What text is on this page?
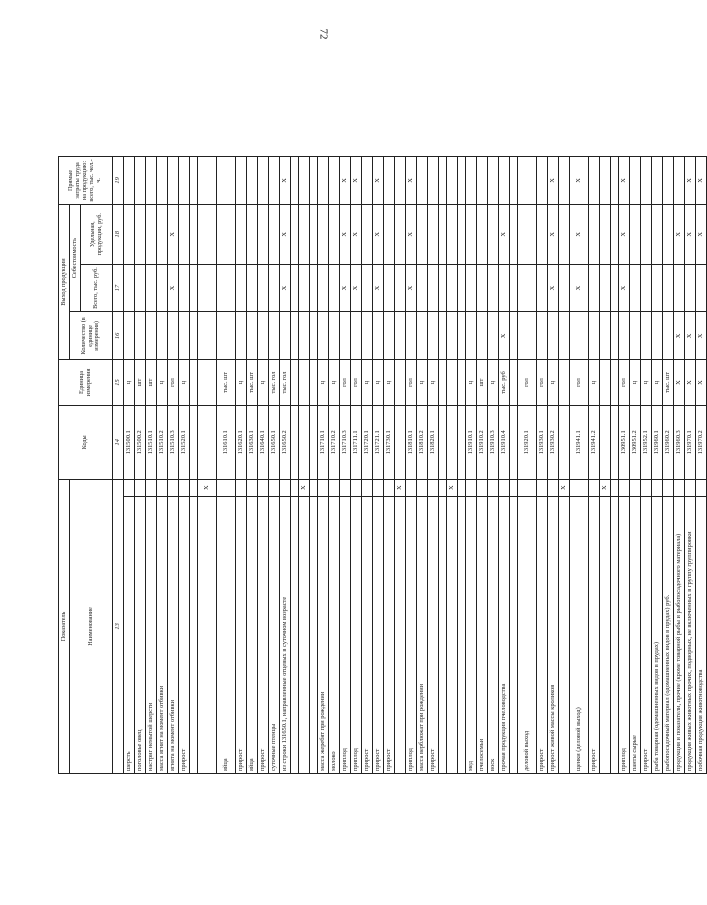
72
Показатель		Коды	Единица измерения	Выход продукции			Прямые затраты труда на продукцию: всего, тыс. чел.-ч.
Наименование				Количество (в единице измерения)	Себестоимость		
					Всего, тыс. руб.	Удельная, продукции, руб.	
13		14	15	16	17	18	19
шерсть		131500.1	ц				
поголовье овец		131500.2	шт				
настриг немытой шерсти		131510.1	шт				
масса ягнят на момент отбивки		131510.2	ц				
ягнята на момент отбивки		131510.3	гол		Х	Х	
прирост		131520.1	ц				

	Х						
яйца		131610.1	тыс. шт				
прирост		131620.1	ц				
яйца		131630.1	тыс. шт				
прирост		131640.1	ц				
суточные птенцы		131650.1	тыс. гол				
из строки 131650.1, направленные отцевых в суточном возрасте		131650.2	тыс. гол		Х	Х	Х

	Х						

масса жеребят при рождении		131710.1	ц				
молоко		131710.2	ц				
приплод		131710.3	гол		Х	Х	Х
приплод		131711.1	гол		Х	Х	Х
прирост		131720.1	ц				
прирост		131721.1	ц		Х	Х	Х
прирост		131730.1	ц				
	Х						
приплод		131810.1	гол		Х	Х	Х
масса верблюжат при рождении		131810.2	ц				
прирост		131820.1	ц				

	Х						

мед		131910.1	ц				
пчелосемьи		131910.2	шт				
воск		131910.3	ц				
прочая продукция пчеловодства		131910.4	тыс. руб	Х		Х	

деловой выход		131920.1	гол				
прирост		131930.1	гол				
прирост живой массы кроликов		131930.2	ц		Х	Х	Х
	Х						
щенки (деловой выход)		131941.1	гол		Х	Х	Х
прирост		131941.2	ц				
	Х						

приплод		130951.1	гол		Х	Х	Х
панты сырые		130951.2	ц				
прирост		131952.1	ц				
рыба товарная (одомашненных видов в прудах)		131960.1	ц				
рыбопосадочный материал (одомашненных видов в прудах) руб.		131960.2	тыс. шт				
продукция и показатели, прочие (кроме товарной рыбы и рыбопосадочного материала)		131960.3	Х	Х		Х	
продукция живых животных прочих, подворных, не включенных в группу группировки		131970.1	Х	Х		Х	Х
побочная продукция животноводства		131970.2	Х	Х		Х	Х
